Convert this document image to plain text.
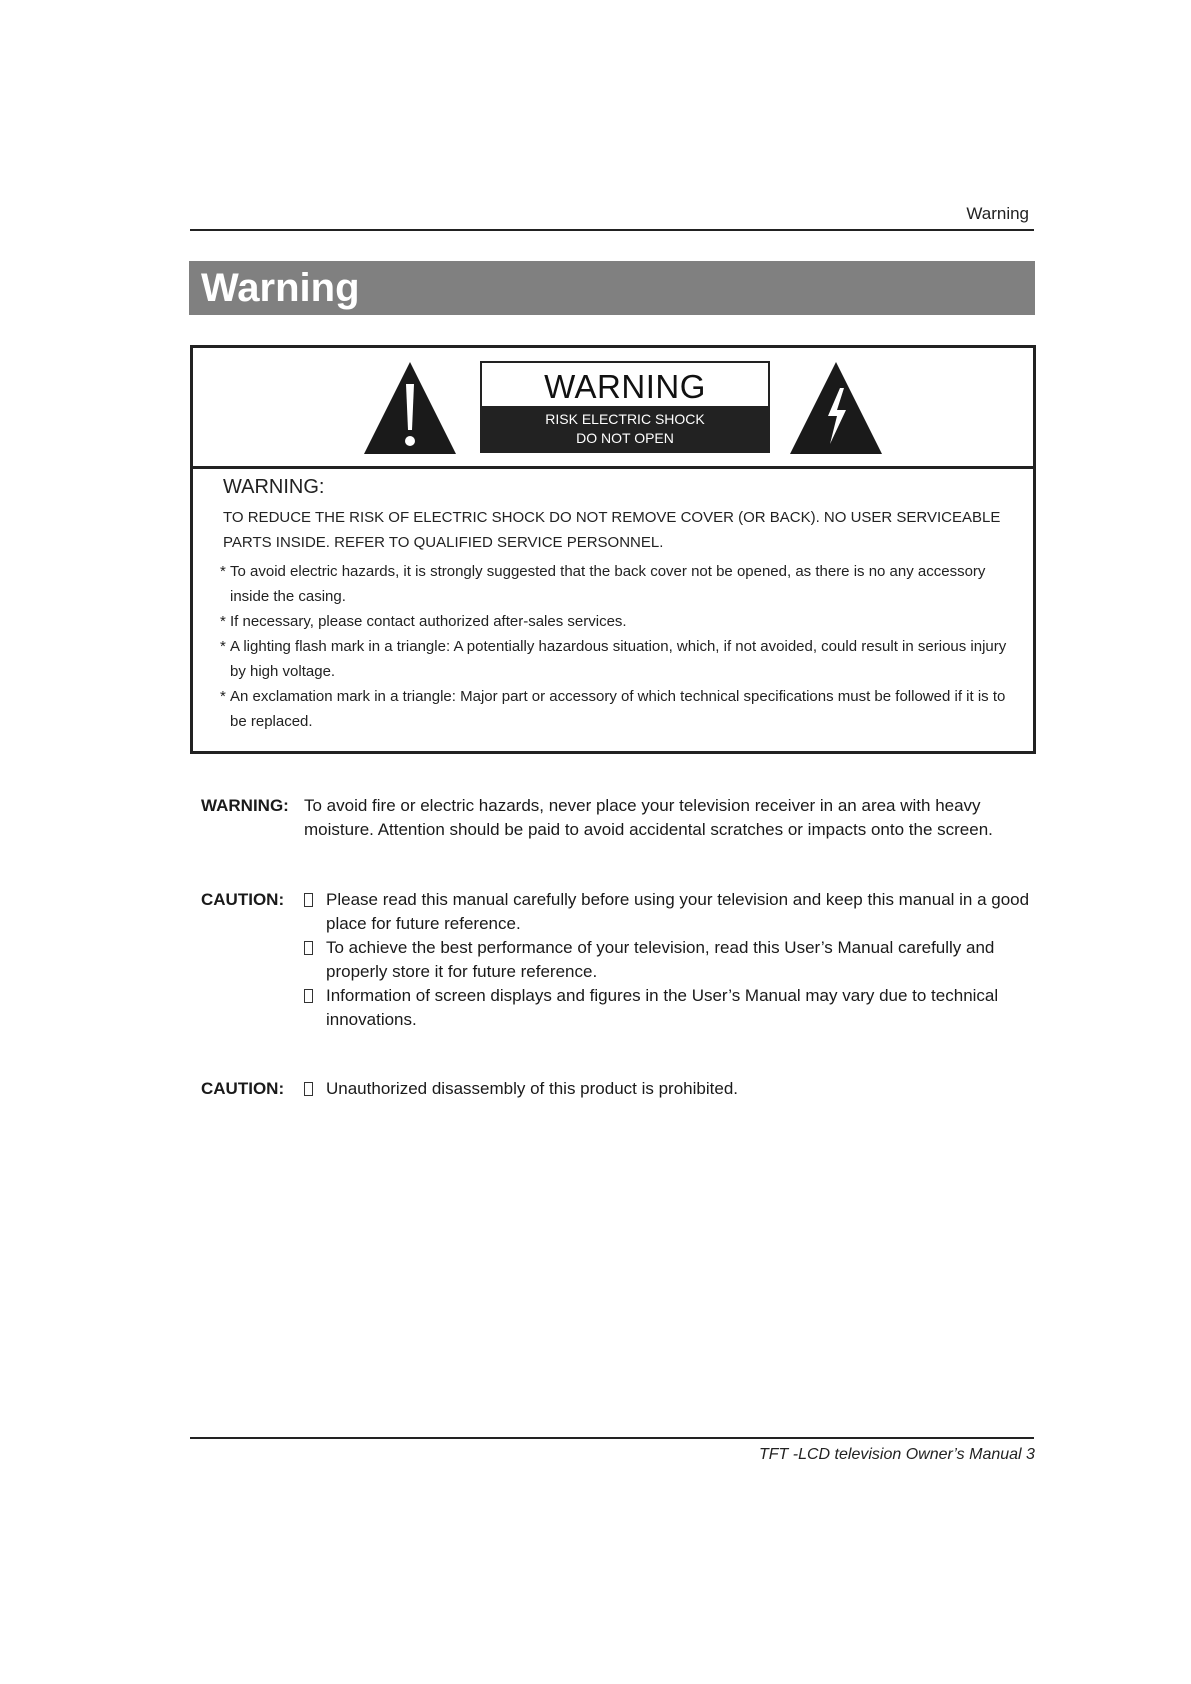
Warning
Warning
WARNING
RISK ELECTRIC SHOCK
DO NOT OPEN
WARNING:
TO REDUCE THE RISK OF ELECTRIC SHOCK DO NOT REMOVE COVER (OR BACK). NO USER SERVICEABLE PARTS INSIDE. REFER TO QUALIFIED SERVICE PERSONNEL.
* To avoid electric hazards, it is strongly suggested that the back cover not be opened, as there is no any accessory inside the casing.
* If necessary, please contact authorized after-sales services.
* A lighting flash mark in a triangle: A potentially hazardous situation, which, if not avoided, could result in serious injury by high voltage.
* An exclamation mark in a triangle: Major part or accessory of which technical specifications must be followed if it is to be replaced.
WARNING: To avoid fire or electric hazards, never place your television receiver in an area with heavy moisture. Attention should be paid to avoid accidental scratches or impacts onto the screen.
CAUTION:	Please read this manual carefully before using your television and keep this manual in a good place for future reference.
To achieve the best performance of your television, read this User’s Manual carefully and properly store it for future reference.
Information of screen displays and figures in the User’s Manual may vary due to technical innovations.
CAUTION:	Unauthorized disassembly of this product is prohibited.
TFT -LCD television Owner’s Manual 3
